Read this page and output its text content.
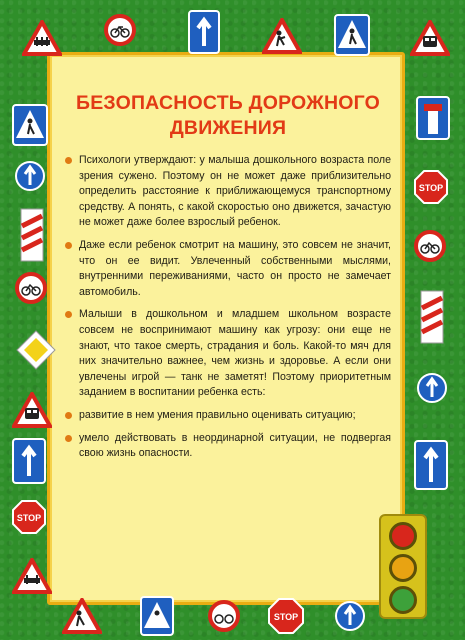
БЕЗОПАСНОСТЬ ДОРОЖНОГО ДВИЖЕНИЯ

Психологи утверждают: у малыша дошкольного возраста поле зрения сужено. Поэтому он не может даже приблизительно определить расстояние к приближающемуся транспортному средству. А понять, с какой скоростью оно движется, зачастую не может даже более взрослый ребенок.

Даже если ребенок смотрит на машину, это совсем не значит, что он ее видит. Увлеченный собственными мыслями, внутренними переживаниями, часто он просто не замечает автомобиль.

Малыши в дошкольном и младшем школьном возрасте совсем не воспринимают машину как угрозу: они еще не знают, что такое смерть, страдания и боль. Какой-то мяч для них значительно важнее, чем жизнь и здоровье. А если они увлечены игрой — танк не заметят! Поэтому приоритетным заданием в воспитании ребенка есть:

развитие в нем умения правильно оценивать ситуацию;

умело действовать в неординарной ситуации, не подвергая свою жизнь опасности.

STOP
STOP
STOP
